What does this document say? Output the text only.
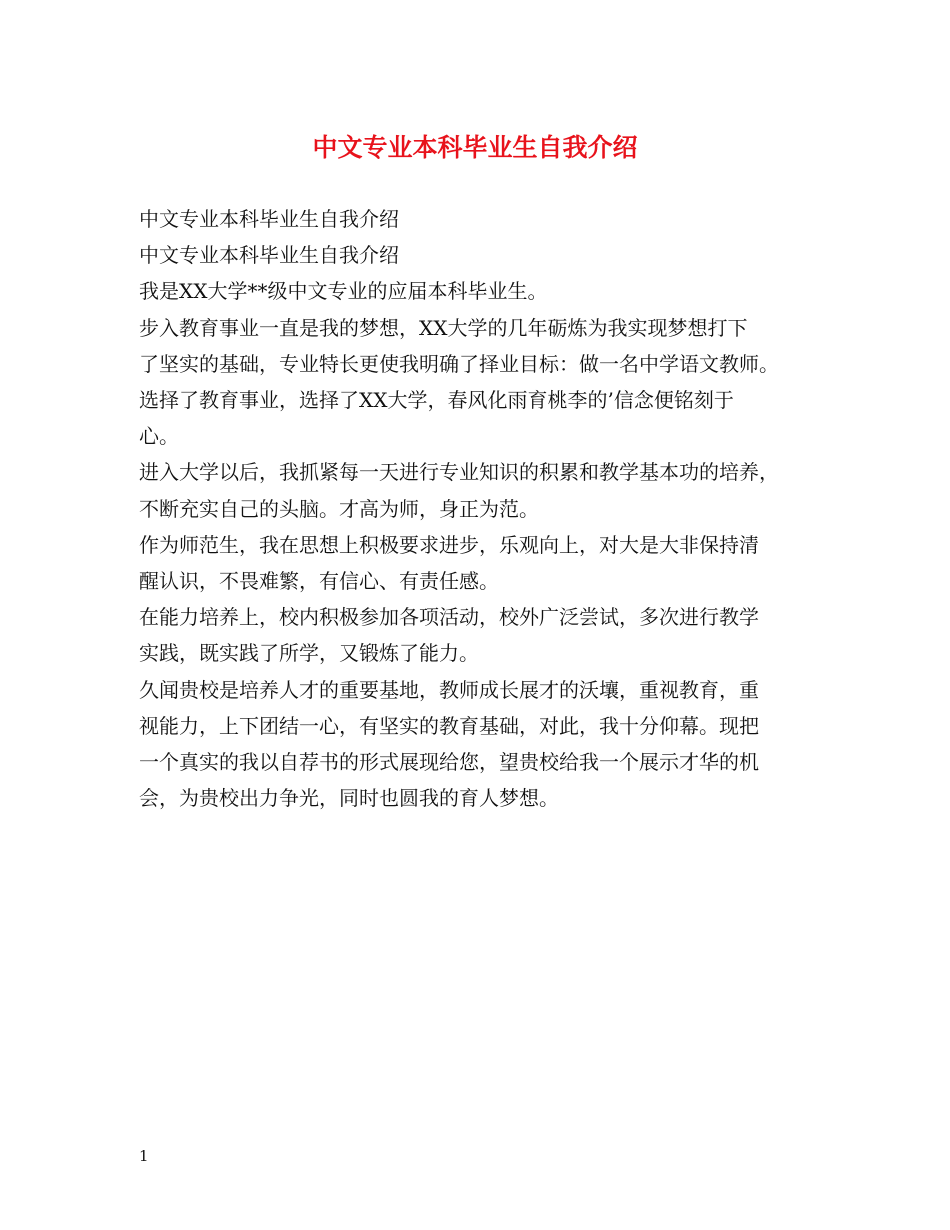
中文专业本科毕业生自我介绍

中文专业本科毕业生自我介绍

中文专业本科毕业生自我介绍

我是XX大学**级中文专业的应届本科毕业生。

步入教育事业一直是我的梦想，XX大学的几年砺炼为我实现梦想打下
了坚实的基础，专业特长更使我明确了择业目标：做一名中学语文教师。

选择了教育事业，选择了XX大学，春风化雨育桃李的’信念便铭刻于
心。

进入大学以后，我抓紧每一天进行专业知识的积累和教学基本功的培养，
不断充实自己的头脑。才高为师，身正为范。

作为师范生，我在思想上积极要求进步，乐观向上，对大是大非保持清
醒认识，不畏难繁，有信心、有责任感。

在能力培养上，校内积极参加各项活动，校外广泛尝试，多次进行教学
实践，既实践了所学，又锻炼了能力。

久闻贵校是培养人才的重要基地，教师成长展才的沃壤，重视教育，重
视能力，上下团结一心，有坚实的教育基础，对此，我十分仰幕。现把
一个真实的我以自荐书的形式展现给您，望贵校给我一个展示才华的机
会，为贵校出力争光，同时也圆我的育人梦想。

1
